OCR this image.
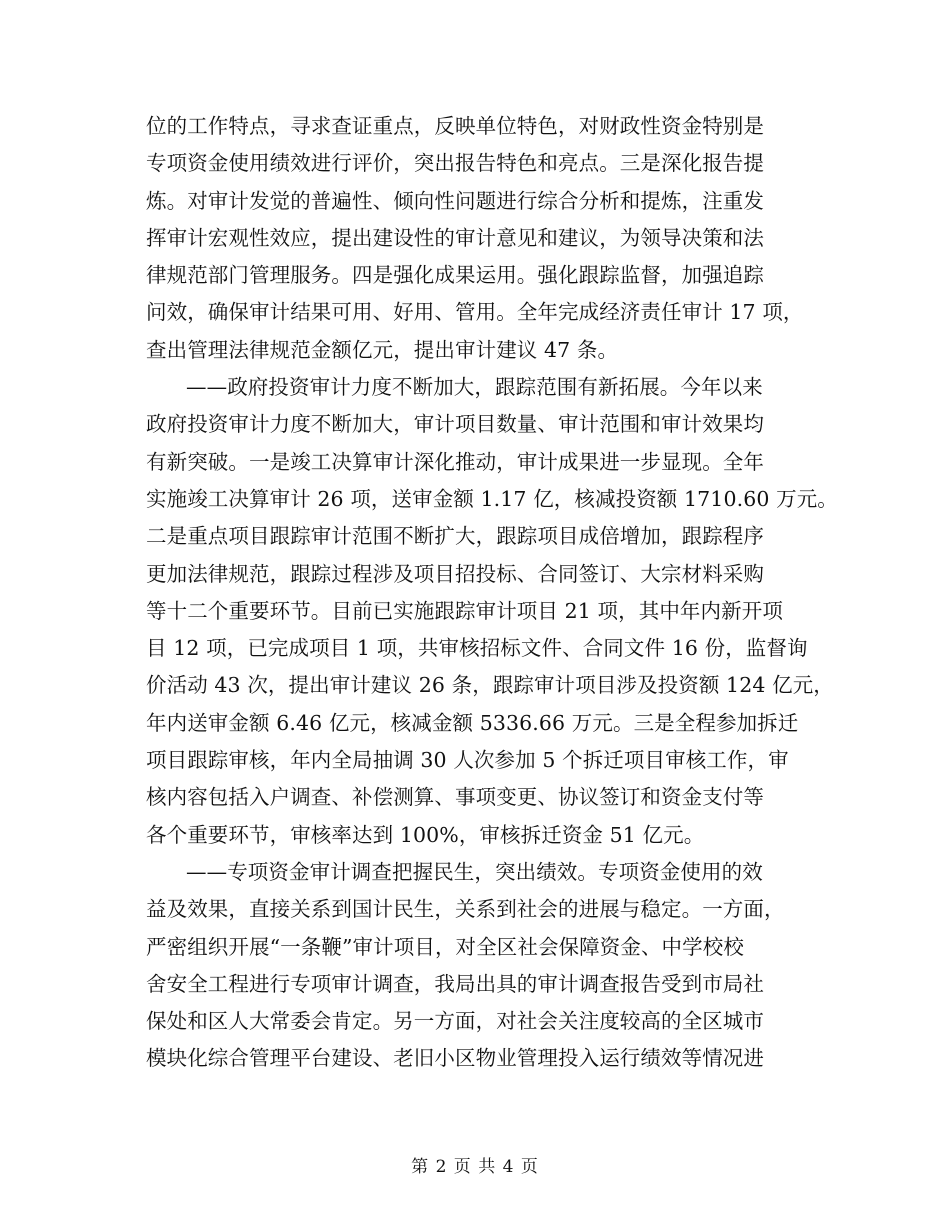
位的工作特点，寻求查证重点，反映单位特色，对财政性资金特别是
专项资金使用绩效进行评价，突出报告特色和亮点。三是深化报告提
炼。对审计发觉的普遍性、倾向性问题进行综合分析和提炼，注重发
挥审计宏观性效应，提出建设性的审计意见和建议，为领导决策和法
律规范部门管理服务。四是强化成果运用。强化跟踪监督，加强追踪
问效，确保审计结果可用、好用、管用。全年完成经济责任审计 17 项，
查出管理法律规范金额亿元，提出审计建议 47 条。
——政府投资审计力度不断加大，跟踪范围有新拓展。今年以来
政府投资审计力度不断加大，审计项目数量、审计范围和审计效果均
有新突破。一是竣工决算审计深化推动，审计成果进一步显现。全年
实施竣工决算审计 26 项，送审金额 1.17 亿，核减投资额 1710.60 万元。
二是重点项目跟踪审计范围不断扩大，跟踪项目成倍增加，跟踪程序
更加法律规范，跟踪过程涉及项目招投标、合同签订、大宗材料采购
等十二个重要环节。目前已实施跟踪审计项目 21 项，其中年内新开项
目 12 项，已完成项目 1 项，共审核招标文件、合同文件 16 份，监督询
价活动 43 次，提出审计建议 26 条，跟踪审计项目涉及投资额 124 亿元，
年内送审金额 6.46 亿元，核减金额 5336.66 万元。三是全程参加拆迁
项目跟踪审核，年内全局抽调 30 人次参加 5 个拆迁项目审核工作，审
核内容包括入户调查、补偿测算、事项变更、协议签订和资金支付等
各个重要环节，审核率达到 100%，审核拆迁资金 51 亿元。
——专项资金审计调查把握民生，突出绩效。专项资金使用的效
益及效果，直接关系到国计民生，关系到社会的进展与稳定。一方面，
严密组织开展“一条鞭”审计项目，对全区社会保障资金、中学校校
舍安全工程进行专项审计调查，我局出具的审计调查报告受到市局社
保处和区人大常委会肯定。另一方面，对社会关注度较高的全区城市
模块化综合管理平台建设、老旧小区物业管理投入运行绩效等情况进
第 2 页 共 4 页
